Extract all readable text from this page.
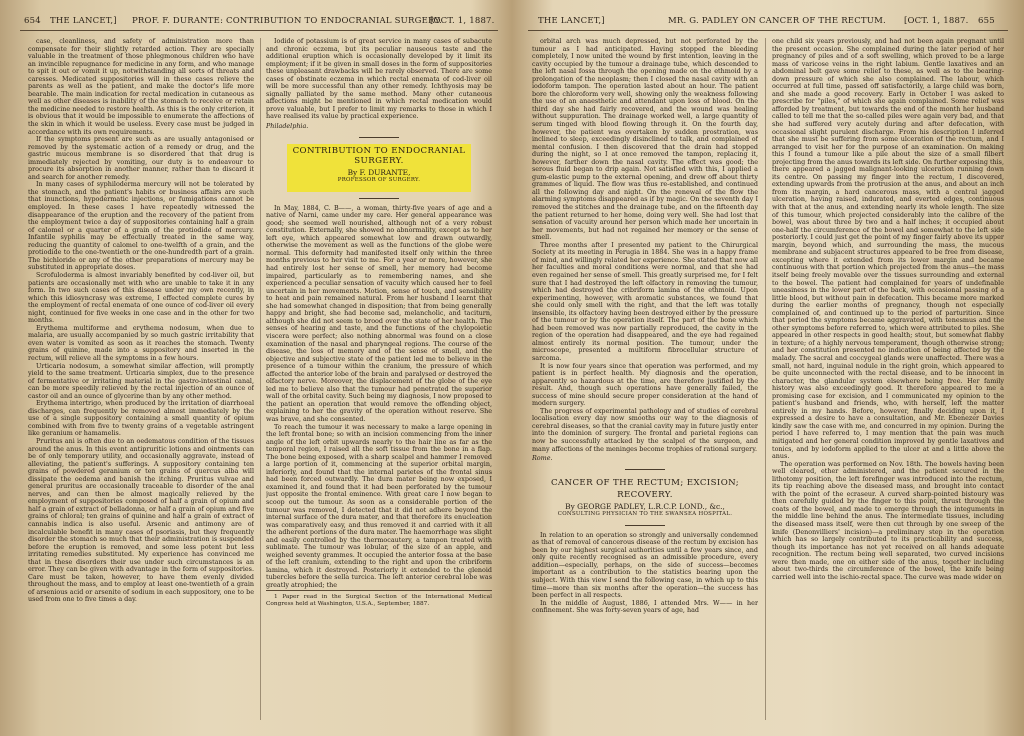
654 THE LANCET,] PROF. F. DURANTE: CONTRIBUTION TO ENDOCRANIAL SURGERY.
[OCT. 1, 1887.

case, cleanliness, and safety of administration more than compensate for their slightly retarded action. They are specially valuable in the treatment of those phlegmonous children who have an invincible repugnance for medicine in any form, and who manage to spit it out or vomit it up, notwithstanding all sorts of threats and caresses. Medicated suppositories will in these cases relieve the parents as well as the patient, and make the doctor's life more bearable. The main indication for rectal medication in cutaneous as well as other diseases is inability of the stomach to receive or retain the medicine needed to restore health. As this is the only criterion, it is obvious that it would be impossible to enumerate the affections of the skin in which it would be useless. Every case must be judged in accordance with its own requirements.

If the symptoms present are such as are usually antagonised or removed by the systematic action of a remedy or drug, and the gastric mucous membrane is so disordered that that drug is immediately rejected by vomiting, our duty is to endeavour to procure its absorption in another manner, rather than to discard it and search for another remedy.

In many cases of syphiloderma mercury will not be tolerated by the stomach, and the patient's habits or business affairs are such that inunctions, hypodermatic injections, or fumigations cannot be employed. In these cases I have repeatedly witnessed the disappearance of the eruption and the recovery of the patient from the employment twice a day of suppositories containing half a grain of calomel or a quarter of a grain of the protiodide of mercury. Infantile syphilis may be effectually treated in the same way, reducing the quantity of calomel to one-twelfth of a grain, and the protiodide to the one-twentieth or the one-hundredth part of a grain. The bichloride or any of the other preparations of mercury may be substituted in appropriate doses.

Scrofuloderma is almost invariably benefited by cod-liver oil, but patients are occasionally met with who are unable to take it in any form. In two such cases of this disease under my own recently, in which this idiosyncrasy was extreme, I effected complete cures by the employment of rectal enemata of one ounce of cod-liver oil every night, continued for five weeks in one case and in the other for two months.

Erythema multiforme and erythema nodosum, when due to malaria, are usually accompanied by so much gastric irritability that even water is vomited as soon as it reaches the stomach. Twenty grains of quinine, made into a suppository and inserted in the rectum, will relieve all the symptoms in a few hours.

Urticaria nodosum, a somewhat similar affection, will promptly yield to the same treatment. Urticaria simplex, due to the presence of fermentative or irritating material in the gastro-intestinal canal, can be more speedily relieved by the rectal injection of an ounce of castor oil and an ounce of glycerine than by any other method.

Erythema intertrigo, when produced by the irritation of diarrhoeal discharges, can frequently be removed almost immediately by the use of a single suppository containing a small quantity of opium combined with from five to twenty grains of a vegetable astringent like geranium or hamamelis.

Pruritus ani is often due to an oedematous condition of the tissues around the anus. In this event antipruritic lotions and ointments can be of only temporary utility, and occasionally aggravate, instead of alleviating, the patient's sufferings. A suppository containing ten grains of powdered geranium or ten grains of quercus alba will dissipate the oedema and banish the itching. Pruritus vulvae and general pruritus are occasionally traceable to disorder of the anal nerves, and can then be almost magically relieved by the employment of suppositories composed of half a grain of opium and half a grain of extract of belladonna, or half a grain of opium and five grains of chloral; ten grains of quinine and half a grain of extract of cannabis indica is also useful. Arsenic and antimony are of incalculable benefit in many cases of psoriasis, but they frequently disorder the stomach so much that their administration is suspended before the eruption is removed, and some less potent but less irritating remedies substituted. My experience has convinced me that in these disorders their use under such circumstances is an error. They can be given with advantage in the form of suppositories. Care must be taken, however, to have them evenly divided throughout the mass, and to employ at least one-twentieth of a grain of arsenious acid or arsenite of sodium in each suppository, one to be used from one to five times a day.

Iodide of potassium is of great service in many cases of subacute and chronic eczema, but its peculiar nauseous taste and the additional eruption which is occasionally developed by it limit its employment; if it be given in small doses in the form of suppositories these unpleasant drawbacks will be rarely observed. There are some cases of obstinate eczema in which rectal enemata of cod-liver oil will be more successful than any other remedy. Ichthyosis may be signally palliated by the same method. Many other cutaneous affections might be mentioned in which rectal medication would prove valuable, but I prefer to limit my remarks to those in which I have realised its value by practical experience.

Philadelphia.

CONTRIBUTION TO ENDOCRANIAL
SURGERY.
By F. DURANTE,
PROFESSOR OF SURGERY.

In May, 1884, C. B——, a woman, thirty-five years of age and a native of Narni, came under my care. Her general appearance was good; she seemed well nourished, although not of a very robust constitution. Externally, she showed no abnormality, except as to her left eye, which appeared somewhat low and drawn outwardly, otherwise the movement as well as the functions of the globe were normal. This deformity had manifested itself only within the three months previous to her visit to me. For a year or more, however, she had entirely lost her sense of smell, her memory had become impaired, particularly as to remembering names, and she experienced a peculiar sensation of vacuity which caused her to feel uncertain in her movements. Motion, sense of touch, and sensibility to heat and pain remained natural. From her husband I learnt that she had somewhat changed in disposition; that from being generally happy and bright, she had become sad, melancholic, and taciturn, although she did not seem to brood over the state of her health. The senses of hearing and taste, and the functions of the chylopoietic viscera were perfect; also nothing abnormal was found on a close examination of the nasal and pharyngeal regions. The course of the disease, the loss of memory and of the sense of smell, and the objective and subjective state of the patient led me to believe in the presence of a tumour within the cranium, the pressure of which affected the anterior lobe of the brain and paralysed or destroyed the olfactory nerve. Moreover, the displacement of the globe of the eye led me to believe also that the tumour had penetrated the superior wall of the orbital cavity. Such being my diagnosis, I now proposed to the patient an operation that would remove the offending object, explaining to her the gravity of the operation without reserve. She was brave, and she consented.

To reach the tumour it was necessary to make a large opening in the left frontal bone; so with an incision commencing from the inner angle of the left orbit upwards nearly to the hair line as far as the temporal region, I raised all the soft tissue from the bone in a flap. The bone being exposed, with a sharp scalpel and hammer I removed a large portion of it, commencing at the superior orbital margin, inferiorly, and found that the internal parietes of the frontal sinus had been forced outwardly. The dura mater being now exposed, I examined it, and found that it had been perforated by the tumour just opposite the frontal eminence. With great care I now began to scoop out the tumour. As soon as a considerable portion of the tumour was removed, I detected that it did not adhere beyond the internal surface of the dura mater, and that therefore its enucleation was comparatively easy, and thus removed it and carried with it all the adherent portions of the dura mater. The haemorrhage was slight and easily controlled by the thermocautery, a tampon treated with sublimate. The tumour was lobular, of the size of an apple, and weighed seventy grammes. It occupied the anterior fossa at the base of the left cranium, extending to the right and upon the cribriform lamina, which it destroyed. Posteriorly it extended to the glenoid tubercles before the sella turcica. The left anterior cerebral lobe was greatly atrophied; the

1 Paper read in the Surgical Section of the International Medical Congress held at Washington, U.S.A., September, 1887.

THE LANCET,]	MR. G. PADLEY ON CANCER OF THE RECTUM. [OCT. 1, 1887. 655

orbital arch was much depressed, but not perforated by the tumour as I had anticipated. Having stopped the bleeding completely, I now united the wound by first intention, leaving in the cavity occupied by the tumour a drainage tube, which descended to the left nasal fossa through the opening made on the ethmoid by a prolongation of the neoplasm; then I closed the nasal cavity with an iodoform tampon. The operation lasted about an hour. The patient bore the chloroform very well, showing only the weakness following the use of an anaesthetic and attendant upon loss of blood. On the third day she had fairly recovered, and the wound was healing without suppuration. The drainage worked well, a large quantity of serum tinged with blood flowing through it. On the fourth day, however, the patient was overtaken by sudden prostration, was inclined to sleep, exceedingly disinclined to talk, and complained of mental confusion. I then discovered that the drain had stopped during the night, so I at once removed the tampon, replacing it, however, farther down the nasal cavity. The effect was good; the serous fluid began to drip again. Not satisfied with this, I applied a gum-elastic pump to the external opening, and drew off about thirty grammes of liquid. The flow was thus re-established, and continued all the following day and night. On the renewal of the flow the alarming symptoms disappeared as if by magic. On the seventh day I removed the stitches and the drainage tube, and on the fifteenth day the patient returned to her home, doing very well. She had lost that sensation of vacuity around her person which made her uncertain in her movements, but had not regained her memory or the sense of smell.

Three months after I presented my patient to the Chirurgical Society at its meeting in Perugia in 1884. She was in a happy frame of mind, and willingly related her experience. She stated that now all her faculties and moral conditions were normal, and that she had even regained her sense of smell. This greatly surprised me, for I felt sure that I had destroyed the left olfactory in removing the tumour, which had destroyed the cribriform lamina of the ethmoid. Upon experimenting, however, with aromatic substances, we found that she could only smell with the right, and that the left was totally insensible, its olfactory having been destroyed either by the pressure of the tumour or by the operation itself. The part of the bone which had been removed was now partially reproduced, the cavity in the region of the operation had disappeared, and the eye had regained almost entirely its normal position. The tumour, under the microscope, presented a multiform fibrocellular structure of sarcoma.

It is now four years since that operation was performed, and my patient is in perfect health. My diagnosis and the operation, apparently so hazardous at the time, are therefore justified by the result. And, though such operations have generally failed, the success of mine should secure proper consideration at the hand of modern surgery.

The progress of experimental pathology and of studies of cerebral localisation every day now smooths our way to the diagnosis of cerebral diseases, so that the cranial cavity may in future justly enter into the dominion of surgery. The frontal and parietal regions can now be successfully attacked by the scalpel of the surgeon, and many affections of the meninges become trophies of rational surgery.

Rome.

CANCER OF THE RECTUM; EXCISION;
RECOVERY.
By GEORGE PADLEY, L.R.C.P. LOND., &c.,
CONSULTING PHYSICIAN TO THE SWANSEA HOSPITAL.

In relation to an operation so strongly and universally condemned as that of removal of cancerous disease of the rectum by excision has been by our highest surgical authorities until a few years since, and only quite recently recognised as an admissible procedure, every addition—especially, perhaps, on the side of success—becomes important as a contribution to the statistics bearing upon the subject. With this view I send the following case, in which up to this time—more than six months after the operation—the success has been perfect in all respects.

In the middle of August, 1886, I attended Mrs. W—— in her confinement. She was forty-seven years of age, had

one child six years previously, and had not been again pregnant until the present occasion. She complained during the later period of her pregnancy of piles and of a soft swelling, which proved to be a large mass of varicose veins in the right labium. Gentle laxatives and an abdominal belt gave some relief to these, as well as to the bearing-down pressure of which she also complained. The labour, which occurred at full time, passed off satisfactorily, a large child was born, and she made a good recovery. Early in October I was asked to prescribe for "piles," of which she again complained. Some relief was afforded by treatment, but towards the end of the month her husband called to tell me that the so-called piles were again very bad, and that she had suffered very acutely during and after defecation, with occasional slight purulent discharge. From his description I inferred that she must be suffering from some ulceration of the rectum, and I arranged to visit her for the purpose of an examination. On making this I found a tumour like a pile about the size of a small filbert projecting from the anus towards its left side. On further exposing this, there appeared a jagged malignant-looking ulceration running down its centre. On passing my finger into the rectum, I discovered, extending upwards from the protrusion at the anus, and about an inch from its margin, a hard cancerous mass, with a central jagged ulceration, having raised, indurated, and everted edges, continuous with that at the anus, and extending nearly its whole length. The size of this tumour, which projected considerably into the calibre of the bowel, was about three by two and a half inches; it occupied about one-half the circumference of the bowel and somewhat to the left side posteriorly. I could just get the point of my finger fairly above its upper margin, beyond which, and surrounding the mass, the mucous membrane and subjacent structures appeared to be free from disease, excepting where it extended from its lower margin and became continuous with that portion which projected from the anus—the mass itself being freely movable over the tissues surrounding and external to the bowel. The patient had complained for years of undefinable uneasiness in the lower part of the back, with occasional passing of a little blood, but without pain in defecation. This became more marked during the earlier months of pregnancy, though not especially complained of, and continued up to the period of parturition. Since that period the symptoms became aggravated, with tenesmus and the other symptoms before referred to, which were attributed to piles. She appeared in other respects in good health; stout, but somewhat flabby in texture; of a highly nervous temperament, though otherwise strong; and her constitution presented no indication of being affected by the malady. The sacral and coccygeal glands were unaffected. There was a small, not hard, inguinal nodule in the right groin, which appeared to be quite unconnected with the rectal disease, and to be innocent in character, the glandular system elsewhere being free. Her family history was also exceedingly good. It therefore appeared to me a promising case for excision, and I communicated my opinion to the patient's husband and friends, who, with herself, left the matter entirely in my hands. Before, however, finally deciding upon it, I expressed a desire to have a consultation, and Mr. Ebenezer Davies kindly saw the case with me, and concurred in my opinion. During the period I have referred to, I may mention that the pain was much mitigated and her general condition improved by gentle laxatives and tonics, and by iodoform applied to the ulcer at and a little above the anus.

The operation was performed on Nov. 18th. The bowels having been well cleared, ether administered, and the patient secured in the lithotomy position, the left forefinger was introduced into the rectum, its tip reaching above the diseased mass, and brought into contact with the point of the ecraseur. A curved sharp-pointed bistoury was then carefully guided by the finger to this point, thrust through the coats of the bowel, and made to emerge through the integuments in the middle line behind the anus. The intermediate tissues, including the diseased mass itself, were then cut through by one sweep of the knife (Denonvilliers' incision)—a preliminary step in the operation which has so largely contributed to its practicability and success, though its importance has not yet received on all hands adequate recognition. The rectum being well separated, two curved incisions were then made, one on either side of the anus, together including about two-thirds the circumference of the bowel, the knife being carried well into the ischio-rectal space. The curve was made wider on
